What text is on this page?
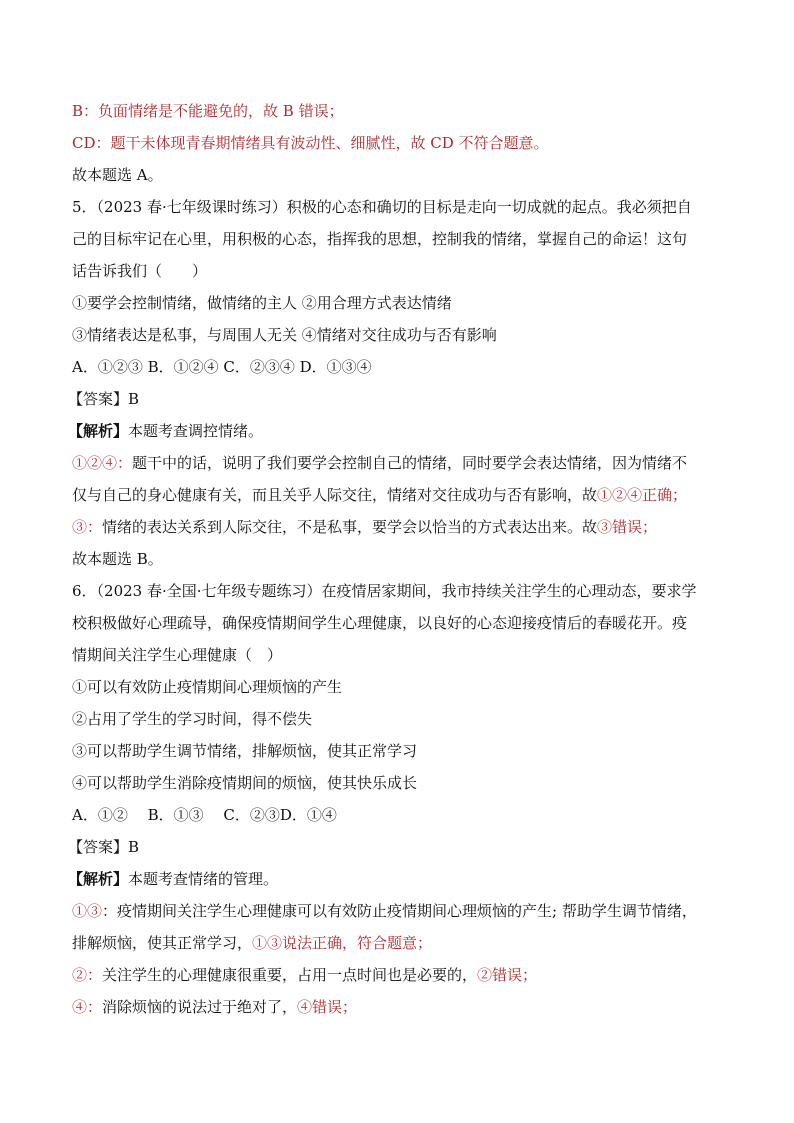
B：负面情绪是不能避免的，故 B 错误；
CD：题干未体现青春期情绪具有波动性、细腻性，故 CD 不符合题意。
故本题选 A。
5．（2023 春·七年级课时练习）积极的心态和确切的目标是走向一切成就的起点。我必须把自
己的目标牢记在心里，用积极的心态，指挥我的思想，控制我的情绪，掌握自己的命运！这句
话告诉我们（　　）
①要学会控制情绪，做情绪的主人 ②用合理方式表达情绪
③情绪表达是私事，与周围人无关 ④情绪对交往成功与否有影响
A．①②③ B．①②④ C．②③④ D．①③④
【答案】B
【解析】本题考查调控情绪。
①②④：题干中的话，说明了我们要学会控制自己的情绪，同时要学会表达情绪，因为情绪不
仅与自己的身心健康有关，而且关乎人际交往，情绪对交往成功与否有影响，故①②④正确；
③：情绪的表达关系到人际交往，不是私事，要学会以恰当的方式表达出来。故③错误；
故本题选 B。
6．（2023 春·全国·七年级专题练习）在疫情居家期间，我市持续关注学生的心理动态，要求学
校积极做好心理疏导，确保疫情期间学生心理健康，以良好的心态迎接疫情后的春暖花开。疫
情期间关注学生心理健康（　）
①可以有效防止疫情期间心理烦恼的产生
②占用了学生的学习时间，得不偿失
③可以帮助学生调节情绪，排解烦恼，使其正常学习
④可以帮助学生消除疫情期间的烦恼，使其快乐成长
A．①②　 B．①③　 C．②③D．①④
【答案】B
【解析】本题考查情绪的管理。
①③：疫情期间关注学生心理健康可以有效防止疫情期间心理烦恼的产生; 帮助学生调节情绪，
排解烦恼，使其正常学习，①③说法正确，符合题意；
②：关注学生的心理健康很重要，占用一点时间也是必要的，②错误；
④：消除烦恼的说法过于绝对了，④错误；
